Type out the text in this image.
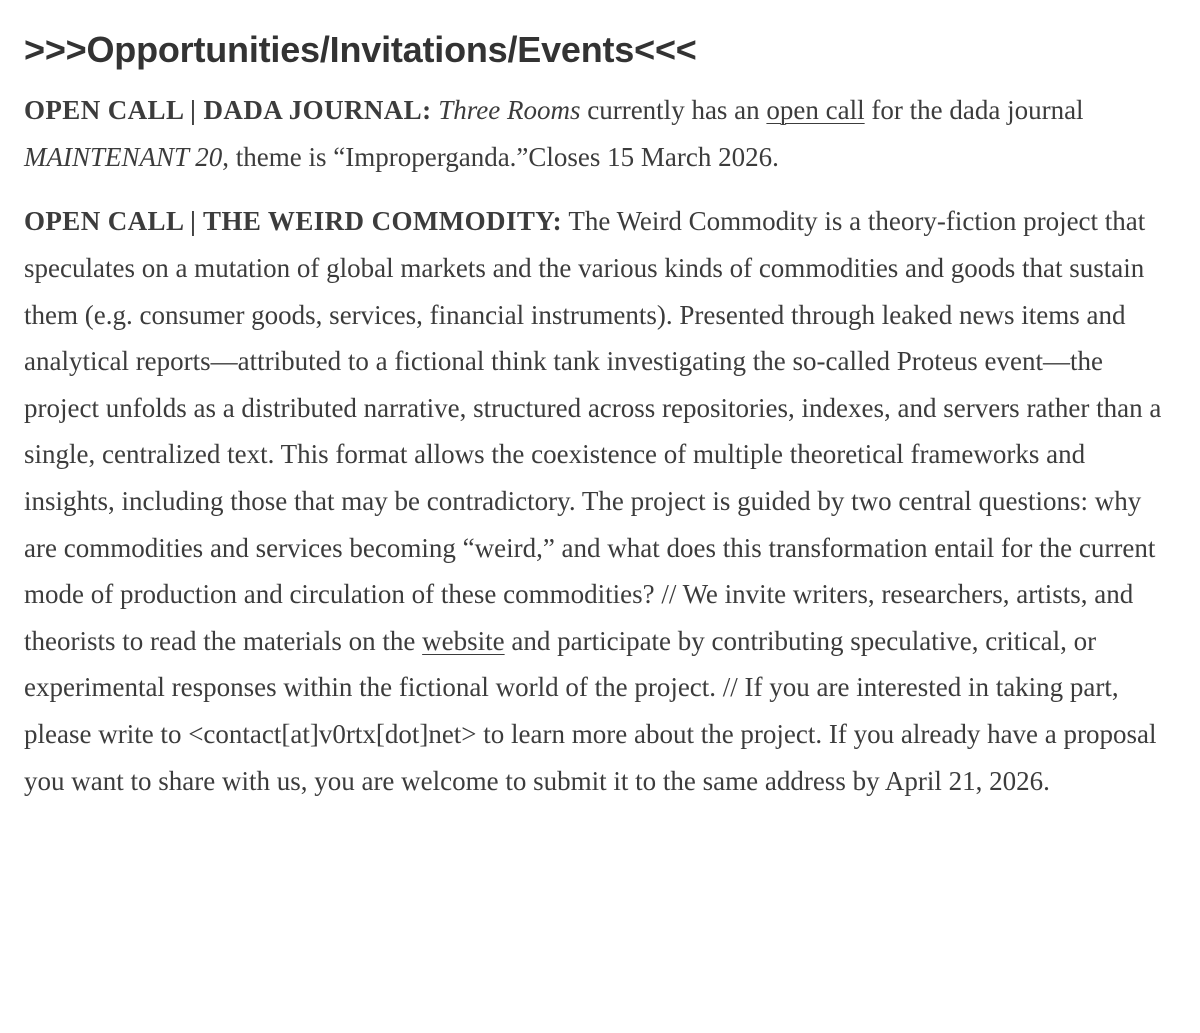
>>>Opportunities/Invitations/Events<<<

OPEN CALL | DADA JOURNAL: Three Rooms currently has an open call for the dada journal MAINTENANT 20, theme is “Improperganda.”Closes 15 March 2026.

OPEN CALL | THE WEIRD COMMODITY: The Weird Commodity is a theory-fiction project that speculates on a mutation of global markets and the various kinds of commodities and goods that sustain them (e.g. consumer goods, services, financial instruments). Presented through leaked news items and analytical reports—attributed to a fictional think tank investigating the so-called Proteus event—the project unfolds as a distributed narrative, structured across repositories, indexes, and servers rather than a single, centralized text. This format allows the coexistence of multiple theoretical frameworks and insights, including those that may be contradictory. The project is guided by two central questions: why are commodities and services becoming “weird,” and what does this transformation entail for the current mode of production and circulation of these commodities? // We invite writers, researchers, artists, and theorists to read the materials on the website and participate by contributing speculative, critical, or experimental responses within the fictional world of the project. // If you are interested in taking part, please write to <contact[at]v0rtx[dot]net> to learn more about the project. If you already have a proposal you want to share with us, you are welcome to submit it to the same address by April 21, 2026.
